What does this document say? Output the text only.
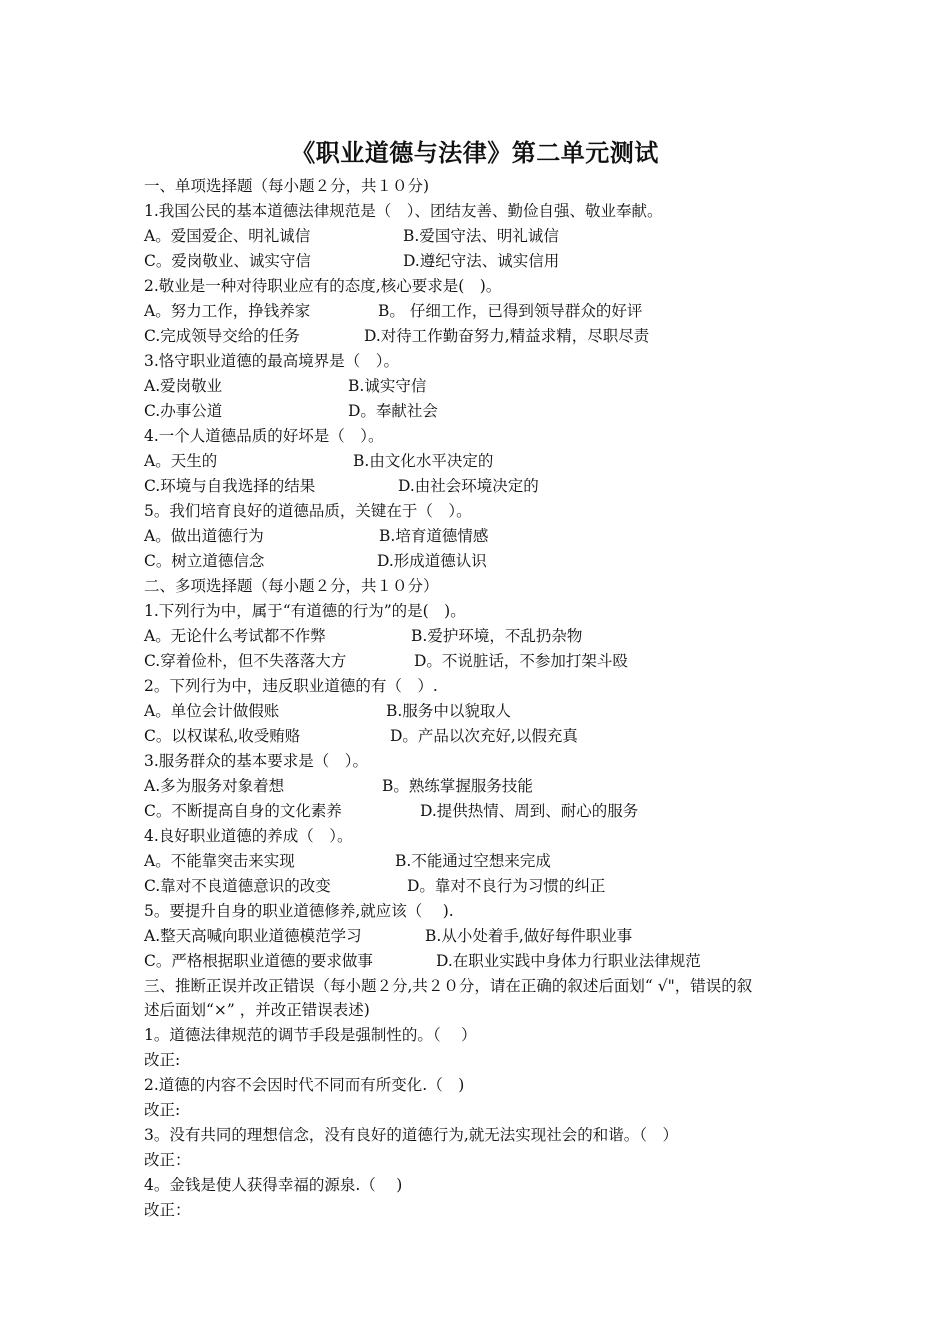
《职业道德与法律》第二单元测试
一、单项选择题（每小题２分，共１０分)
1.我国公民的基本道德法律规范是（　）、团结友善、勤俭自强、敬业奉献。
A。爱国爱企、明礼诚信	B.爱国守法、明礼诚信
C。爱岗敬业、诚实守信	D.遵纪守法、诚实信用
2.敬业是一种对待职业应有的态度,核心要求是(　)。
A。努力工作，挣钱养家	B。 仔细工作，已得到领导群众的好评
C.完成领导交给的任务	D.对待工作勤奋努力,精益求精，尽职尽责
3.恪守职业道德的最高境界是（　）。
A.爱岗敬业	B.诚实守信
C.办事公道	D。奉献社会
4.一个人道德品质的好坏是（　）。
A。天生的	B.由文化水平决定的
C.环境与自我选择的结果	D.由社会环境决定的
5。我们培育良好的道德品质，关键在于（　）。
A。做出道德行为	B.培育道德情感
C。树立道德信念	D.形成道德认识
二、多项选择题（每小题２分，共１０分）
1.下列行为中，属于“有道德的行为”的是(　)。
A。无论什么考试都不作弊	B.爱护环境，不乱扔杂物
C.穿着俭朴，但不失落落大方	D。不说脏话，不参加打架斗殴
2。下列行为中，违反职业道德的有（　）.
A。单位会计做假账	B.服务中以貌取人
C。以权谋私,收受贿赂	D。产品以次充好,以假充真
3.服务群众的基本要求是（　）。
A.多为服务对象着想	B。熟练掌握服务技能
C。不断提高自身的文化素养	D.提供热情、周到、耐心的服务
4.良好职业道德的养成（　）。
A。不能靠突击来实现	B.不能通过空想来完成
C.靠对不良道德意识的改变	D。靠对不良行为习惯的纠正
5。要提升自身的职业道德修养,就应该（　 ).
A.整天高喊向职业道德模范学习	B.从小处着手,做好每件职业事
C。严格根据职业道德的要求做事	D.在职业实践中身体力行职业法律规范
三、推断正误并改正错误（每小题２分,共２０分，请在正确的叙述后面划“ √"，错误的叙
述后面划“×” ，并改正错误表述)
1。道德法律规范的调节手段是强制性的。（　 ）
改正:
2.道德的内容不会因时代不同而有所变化.（　)
改正:
3。没有共同的理想信念，没有良好的道德行为,就无法实现社会的和谐。（　）
改正：
4。金钱是使人获得幸福的源泉.（　 )
改正：
